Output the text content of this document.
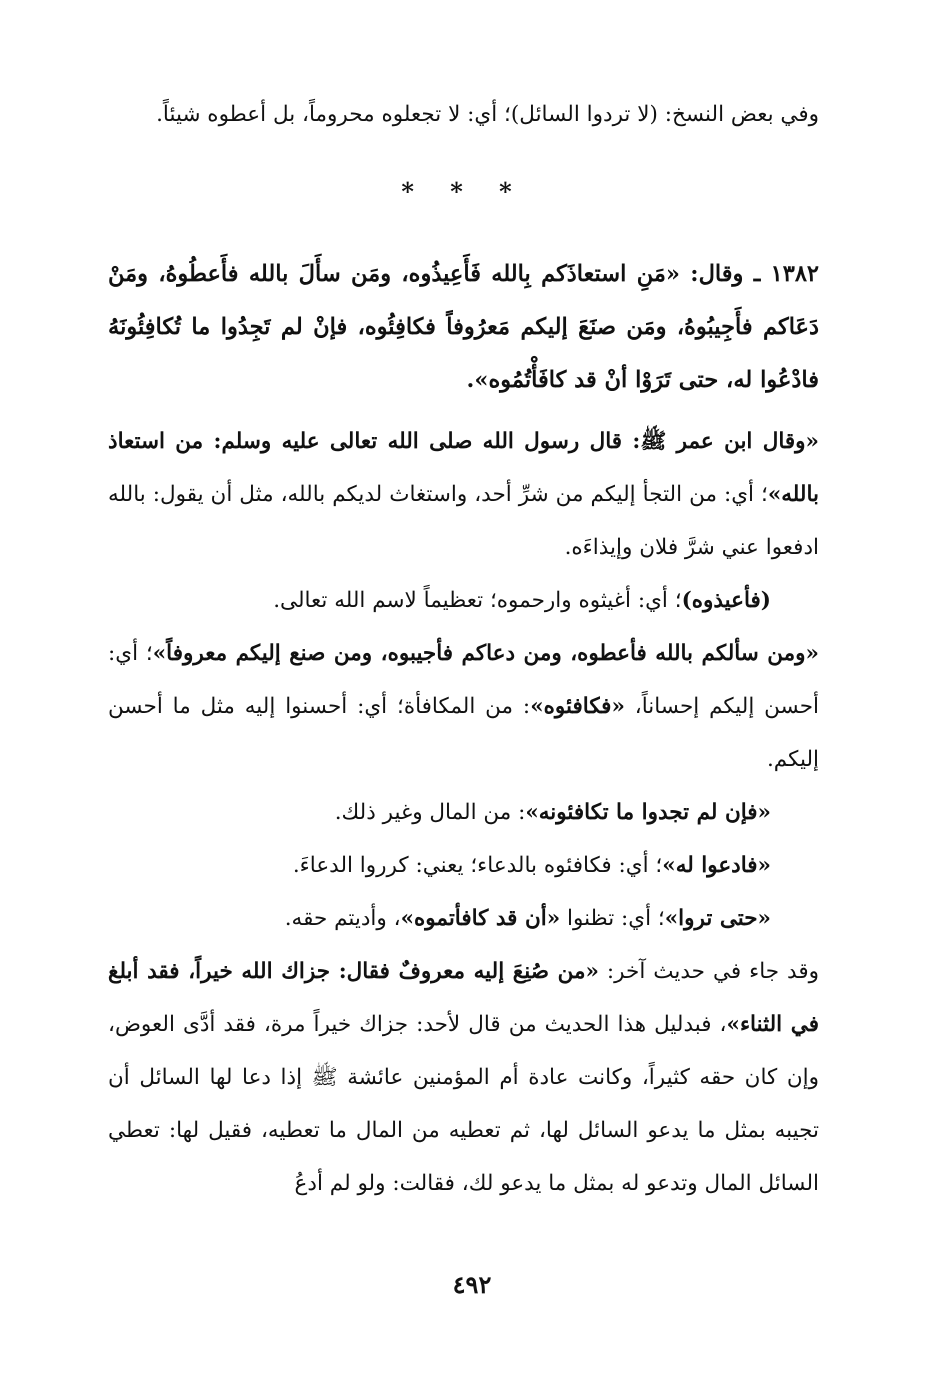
وفي بعض النسخ: (لا تردوا السائل)؛ أي: لا تجعلوه محروماً، بل أعطوه شيئاً.

* * *

١٣٨٢ ـ وقال: «مَنِ استعاذَكم بِالله فَأَعِيذُوه، ومَن سأَلَ بالله فأَعطُوهُ، ومَنْ دَعَاكم فأَجِيبُوهُ، ومَن صنَعَ إليكم مَعرُوفاً فكافِئُوه، فإنْ لم تَجِدُوا ما تُكافِئُونَهُ فادْعُوا له، حتى تَرَوْا أنْ قد كافَأْتُمُوه».

«وقال ابن عمر ﷺ: قال رسول الله صلى الله تعالى عليه وسلم: من استعاذ بالله»؛ أي: من التجأ إليكم من شرِّ أحد، واستغاث لديكم بالله، مثل أن يقول: بالله ادفعوا عني شرَّ فلان وإيذاءَه.

(فأعيذوه)؛ أي: أغيثوه وارحموه؛ تعظيماً لاسم الله تعالى.

«ومن سألكم بالله فأعطوه، ومن دعاكم فأجيبوه، ومن صنع إليكم معروفاً»؛ أي: أحسن إليكم إحساناً، «فكافئوه»: من المكافأة؛ أي: أحسنوا إليه مثل ما أحسن إليكم.

«فإن لم تجدوا ما تكافئونه»: من المال وغير ذلك.

«فادعوا له»؛ أي: فكافئوه بالدعاء؛ يعني: كرروا الدعاءَ.

«حتى تروا»؛ أي: تظنوا «أن قد كافأتموه»، وأديتم حقه.

وقد جاء في حديث آخر: «من صُنِعَ إليه معروفٌ فقال: جزاك الله خيراً، فقد أبلغ في الثناء»، فبدليل هذا الحديث من قال لأحد: جزاك خيراً مرة، فقد أدَّى العوض، وإن كان حقه كثيراً، وكانت عادة أم المؤمنين عائشة ﷺ إذا دعا لها السائل أن تجيبه بمثل ما يدعو السائل لها، ثم تعطيه من المال ما تعطيه، فقيل لها: تعطي السائل المال وتدعو له بمثل ما يدعو لك، فقالت: ولو لم أدعُ

٤٩٢
